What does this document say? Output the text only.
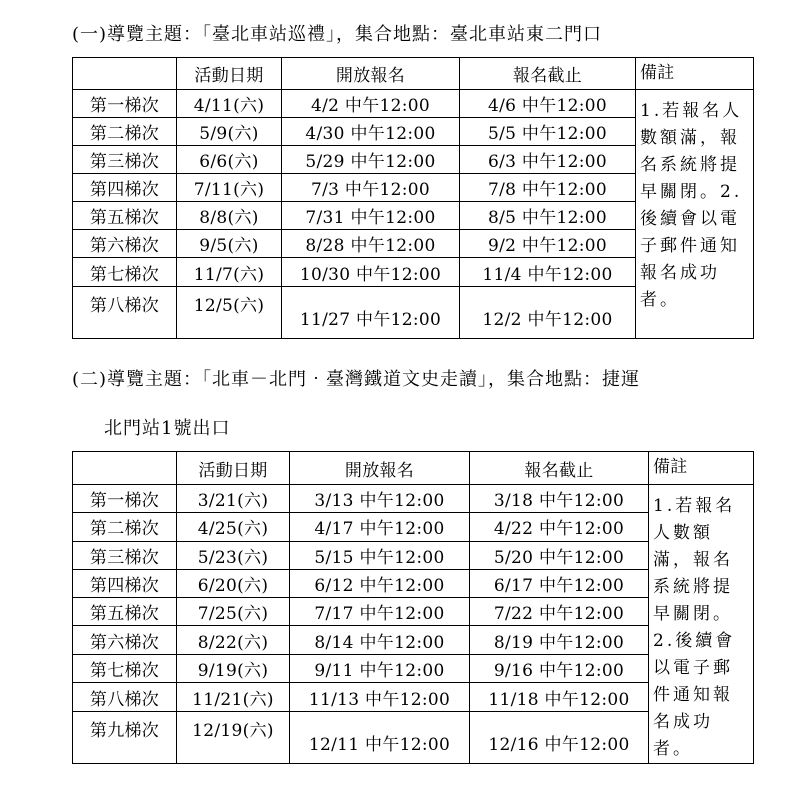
(一)導覽主題：「臺北車站巡禮」，集合地點：臺北車站東二門口

	活動日期	開放報名	報名截止	備註
第一梯次	4/11(六)	4/2 中午12:00	4/6 中午12:00	1.若報名人數額滿，報名系統將提早關閉。2.後續會以電子郵件通知報名成功者。
第二梯次	5/9(六)	4/30 中午12:00	5/5 中午12:00	
第三梯次	6/6(六)	5/29 中午12:00	6/3 中午12:00	
第四梯次	7/11(六)	7/3 中午12:00	7/8 中午12:00	
第五梯次	8/8(六)	7/31 中午12:00	8/5 中午12:00	
第六梯次	9/5(六)	8/28 中午12:00	9/2 中午12:00	
第七梯次	11/7(六)	10/30 中午12:00	11/4 中午12:00	
第八梯次	12/5(六)	11/27 中午12:00	12/2 中午12:00	

(二)導覽主題：「北車－北門‧臺灣鐵道文史走讀」，集合地點：捷運

北門站1號出口

	活動日期	開放報名	報名截止	備註
第一梯次	3/21(六)	3/13 中午12:00	3/18 中午12:00	1.若報名人數額滿，報名系統將提早關閉。2.後續會以電子郵件通知報名成功者。
第二梯次	4/25(六)	4/17 中午12:00	4/22 中午12:00	
第三梯次	5/23(六)	5/15 中午12:00	5/20 中午12:00	
第四梯次	6/20(六)	6/12 中午12:00	6/17 中午12:00	
第五梯次	7/25(六)	7/17 中午12:00	7/22 中午12:00	
第六梯次	8/22(六)	8/14 中午12:00	8/19 中午12:00	
第七梯次	9/19(六)	9/11 中午12:00	9/16 中午12:00	
第八梯次	11/21(六)	11/13 中午12:00	11/18 中午12:00	
第九梯次	12/19(六)	12/11 中午12:00	12/16 中午12:00	
